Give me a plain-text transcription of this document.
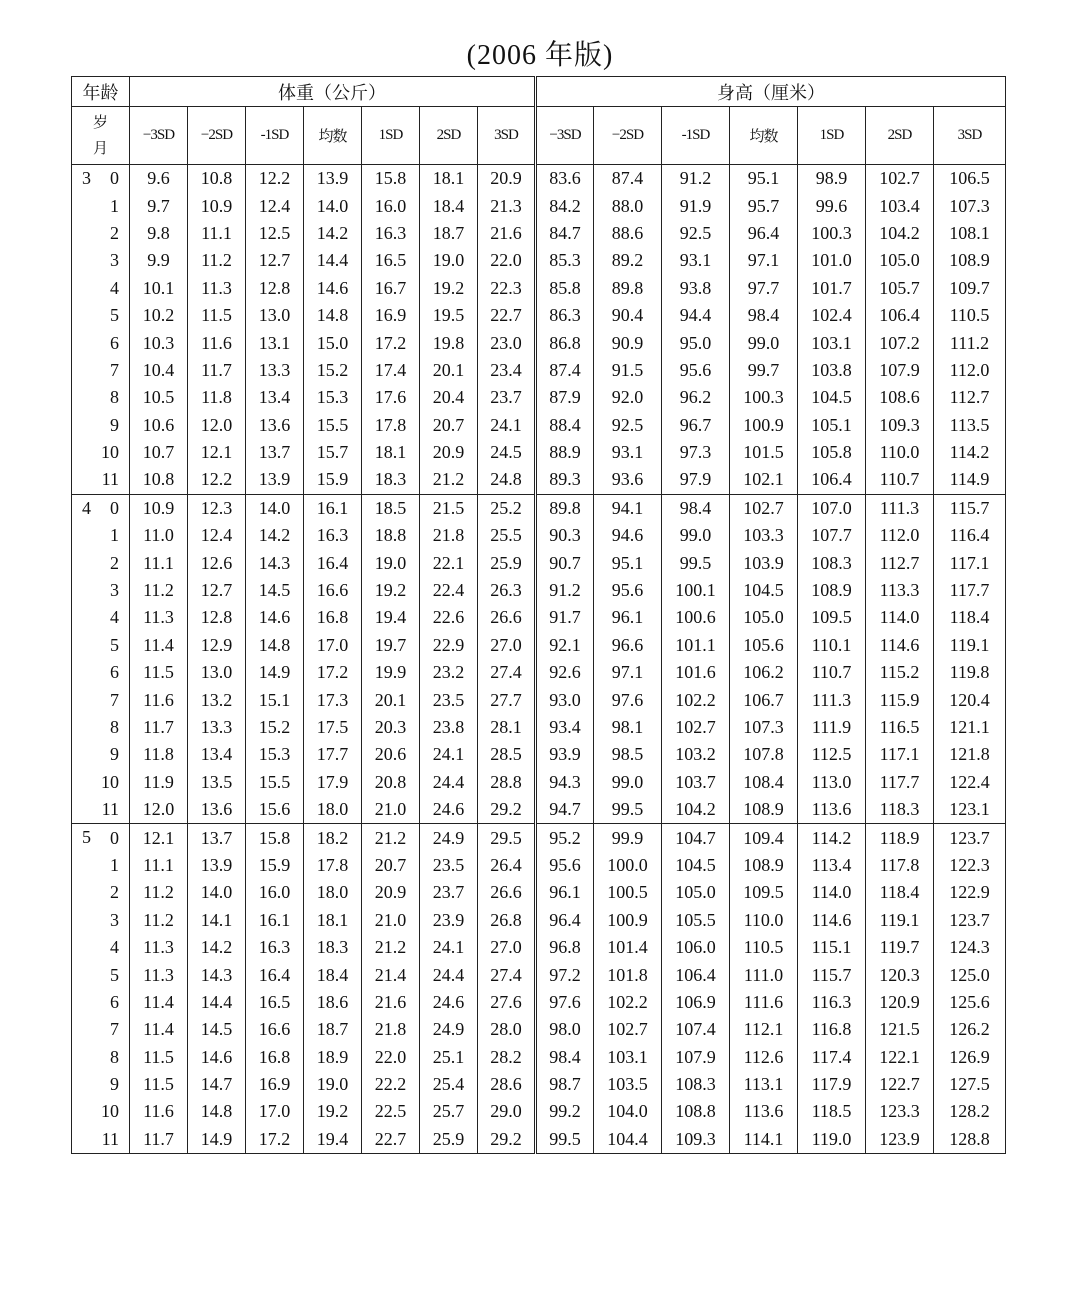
(2006 年版)
年龄	体重（公斤）							身高（厘米）						

岁
月	−3SD	−2SD	-1SD	均数	1SD	2SD	3SD	−3SD	−2SD	-1SD	均数	1SD	2SD	3SD

3 0	9.6	10.8	12.2	13.9	15.8	18.1	20.9	83.6	87.4	91.2	95.1	98.9	102.7	106.5
1	9.7	10.9	12.4	14.0	16.0	18.4	21.3	84.2	88.0	91.9	95.7	99.6	103.4	107.3
2	9.8	11.1	12.5	14.2	16.3	18.7	21.6	84.7	88.6	92.5	96.4	100.3	104.2	108.1
3	9.9	11.2	12.7	14.4	16.5	19.0	22.0	85.3	89.2	93.1	97.1	101.0	105.0	108.9
4	10.1	11.3	12.8	14.6	16.7	19.2	22.3	85.8	89.8	93.8	97.7	101.7	105.7	109.7
5	10.2	11.5	13.0	14.8	16.9	19.5	22.7	86.3	90.4	94.4	98.4	102.4	106.4	110.5
6	10.3	11.6	13.1	15.0	17.2	19.8	23.0	86.8	90.9	95.0	99.0	103.1	107.2	111.2
7	10.4	11.7	13.3	15.2	17.4	20.1	23.4	87.4	91.5	95.6	99.7	103.8	107.9	112.0
8	10.5	11.8	13.4	15.3	17.6	20.4	23.7	87.9	92.0	96.2	100.3	104.5	108.6	112.7
9	10.6	12.0	13.6	15.5	17.8	20.7	24.1	88.4	92.5	96.7	100.9	105.1	109.3	113.5
10	10.7	12.1	13.7	15.7	18.1	20.9	24.5	88.9	93.1	97.3	101.5	105.8	110.0	114.2
11	10.8	12.2	13.9	15.9	18.3	21.2	24.8	89.3	93.6	97.9	102.1	106.4	110.7	114.9

4 0	10.9	12.3	14.0	16.1	18.5	21.5	25.2	89.8	94.1	98.4	102.7	107.0	111.3	115.7
1	11.0	12.4	14.2	16.3	18.8	21.8	25.5	90.3	94.6	99.0	103.3	107.7	112.0	116.4
2	11.1	12.6	14.3	16.4	19.0	22.1	25.9	90.7	95.1	99.5	103.9	108.3	112.7	117.1
3	11.2	12.7	14.5	16.6	19.2	22.4	26.3	91.2	95.6	100.1	104.5	108.9	113.3	117.7
4	11.3	12.8	14.6	16.8	19.4	22.6	26.6	91.7	96.1	100.6	105.0	109.5	114.0	118.4
5	11.4	12.9	14.8	17.0	19.7	22.9	27.0	92.1	96.6	101.1	105.6	110.1	114.6	119.1
6	11.5	13.0	14.9	17.2	19.9	23.2	27.4	92.6	97.1	101.6	106.2	110.7	115.2	119.8
7	11.6	13.2	15.1	17.3	20.1	23.5	27.7	93.0	97.6	102.2	106.7	111.3	115.9	120.4
8	11.7	13.3	15.2	17.5	20.3	23.8	28.1	93.4	98.1	102.7	107.3	111.9	116.5	121.1
9	11.8	13.4	15.3	17.7	20.6	24.1	28.5	93.9	98.5	103.2	107.8	112.5	117.1	121.8
10	11.9	13.5	15.5	17.9	20.8	24.4	28.8	94.3	99.0	103.7	108.4	113.0	117.7	122.4
11	12.0	13.6	15.6	18.0	21.0	24.6	29.2	94.7	99.5	104.2	108.9	113.6	118.3	123.1

5 0	12.1	13.7	15.8	18.2	21.2	24.9	29.5	95.2	99.9	104.7	109.4	114.2	118.9	123.7
1	11.1	13.9	15.9	17.8	20.7	23.5	26.4	95.6	100.0	104.5	108.9	113.4	117.8	122.3
2	11.2	14.0	16.0	18.0	20.9	23.7	26.6	96.1	100.5	105.0	109.5	114.0	118.4	122.9
3	11.2	14.1	16.1	18.1	21.0	23.9	26.8	96.4	100.9	105.5	110.0	114.6	119.1	123.7
4	11.3	14.2	16.3	18.3	21.2	24.1	27.0	96.8	101.4	106.0	110.5	115.1	119.7	124.3
5	11.3	14.3	16.4	18.4	21.4	24.4	27.4	97.2	101.8	106.4	111.0	115.7	120.3	125.0
6	11.4	14.4	16.5	18.6	21.6	24.6	27.6	97.6	102.2	106.9	111.6	116.3	120.9	125.6
7	11.4	14.5	16.6	18.7	21.8	24.9	28.0	98.0	102.7	107.4	112.1	116.8	121.5	126.2
8	11.5	14.6	16.8	18.9	22.0	25.1	28.2	98.4	103.1	107.9	112.6	117.4	122.1	126.9
9	11.5	14.7	16.9	19.0	22.2	25.4	28.6	98.7	103.5	108.3	113.1	117.9	122.7	127.5
10	11.6	14.8	17.0	19.2	22.5	25.7	29.0	99.2	104.0	108.8	113.6	118.5	123.3	128.2
11	11.7	14.9	17.2	19.4	22.7	25.9	29.2	99.5	104.4	109.3	114.1	119.0	123.9	128.8
